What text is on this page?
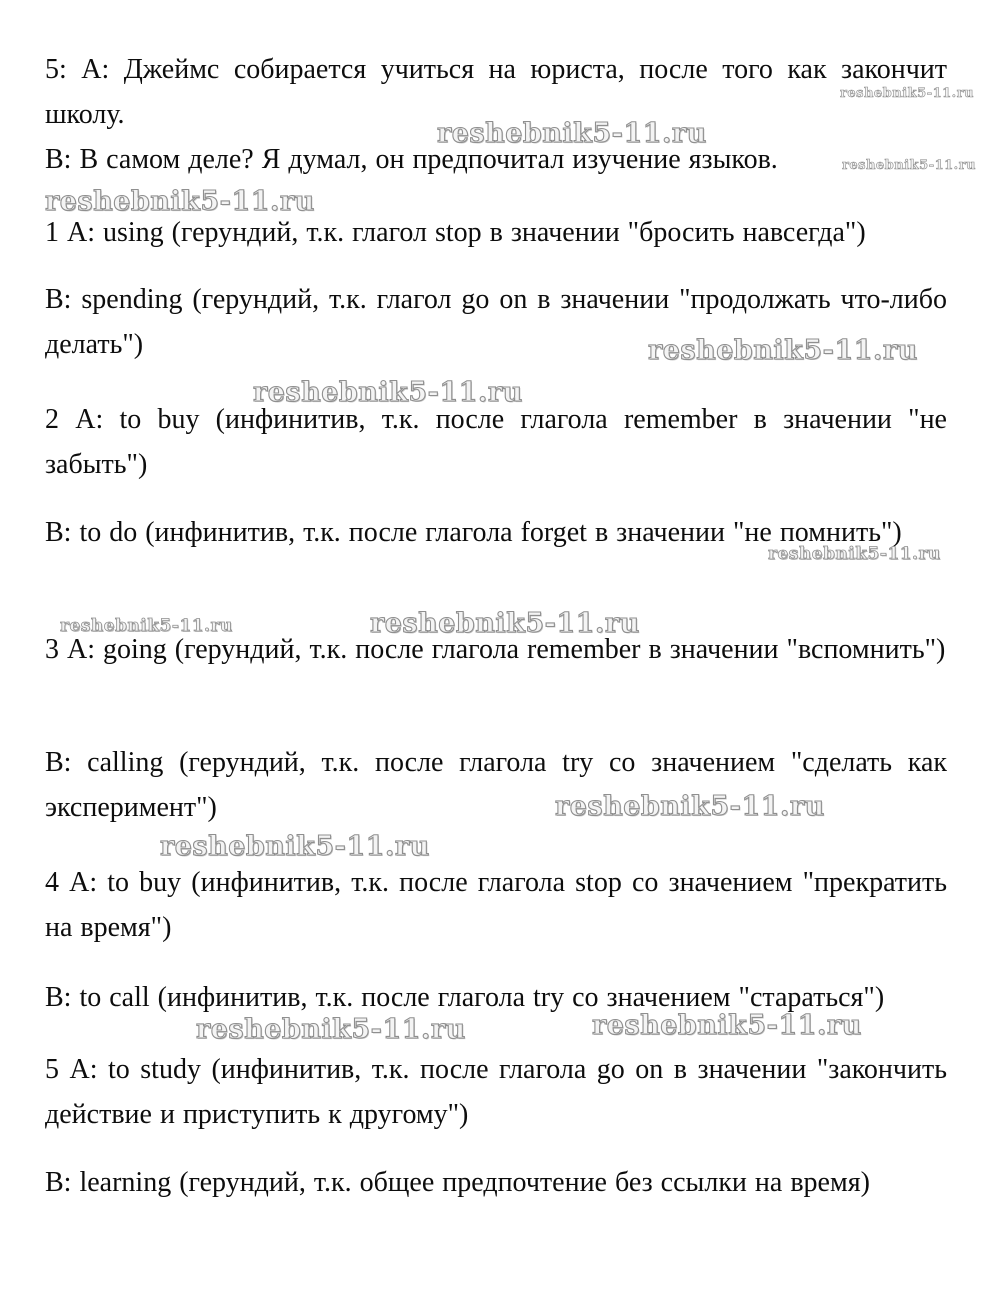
5: А: Джеймс собирается учиться на юриста, после того как закончит школу.

В: В самом деле? Я думал, он предпочитал изучение языков.

1 А: using (герундий, т.к. глагол stop в значении "бросить навсегда")

В: spending (герундий, т.к. глагол go on в значении "продолжать что-либо делать")

2 А: to buy (инфинитив, т.к. после глагола remember в значении "не забыть")

В: to do (инфинитив, т.к. после глагола forget в значении "не помнить")

3 А: going (герундий, т.к. после глагола remember в значении "вспомнить")

В: calling (герундий, т.к. после глагола try со значением "сделать как эксперимент")

4 А: to buy (инфинитив, т.к. после глагола stop со значением "прекратить на время")

В: to call (инфинитив, т.к. после глагола try со значением "стараться")

5 А: to study (инфинитив, т.к. после глагола go on в значении "закончить действие и приступить к другому")

В: learning (герундий, т.к. общее предпочтение без ссылки на время)

reshebnik5-11.ru
reshebnik5-11.ru
reshebnik5-11.ru
reshebnik5-11.ru
reshebnik5-11.ru
reshebnik5-11.ru
reshebnik5-11.ru
reshebnik5-11.ru	reshebnik5-11.ru
reshebnik5-11.ru
reshebnik5-11.ru
reshebnik5-11.ru
reshebnik5-11.ru
